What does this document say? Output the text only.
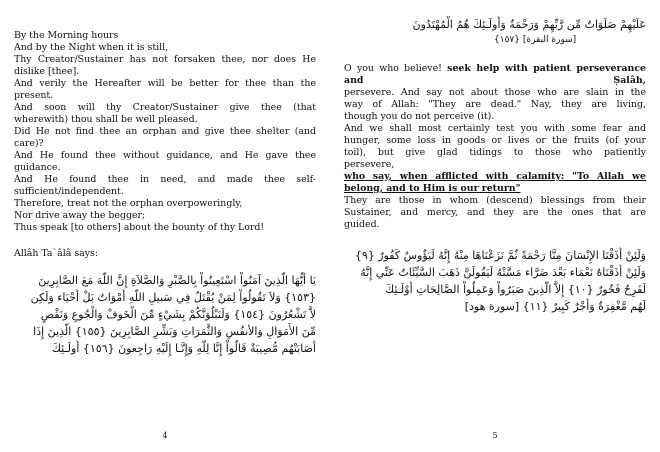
By the Morning hours
And by the Night when it is still,
Thy Creator/Sustainer has not forsaken thee, nor does He
dislike [thee].
And verily the Hereafter will be better for thee than the
present.
And soon will thy Creator/Sustainer give thee (that
wherewith) thou shall be well pleased.
Did He not find thee an orphan and give thee shelter (and
care)?
And He found thee without guidance, and He gave thee
guidance.
And He found thee in need, and made thee self-
sufficient/independent.
Therefore, treat not the orphan overpoweringly,
Nor drive away the begger;
Thus speak [to others] about the bounty of thy Lord!
Allâh Ta`âlâ says:
يَا أَيُّهَا الَّذِينَ آمَنُواْ اسْتَعِينُواْ بِالصَّبْرِ وَالصَّلاَةِ إِنَّ اللّهَ مَعَ الصَّابِرِينَ
{١٥٣} وَلاَ تَقُولُواْ لِمَنْ يُقْتَلُ فِي سَبيلِ اللّهِ أَمْوَاتٌ بَلْ أَحْيَاء وَلَكِن
لاَّ تَشْعُرُونَ {١٥٤} وَلَنَبْلُوَنَّكُمْ بِشَيْءٍ مِّنَ الْخَوفْ وَالْجُوعِ وَنَقْصٍ
مِّنَ الأَمَوَالِ وَالأنفُسِ وَالثَّمَرَاتِ وَبَشِّرِ الصَّابِرِينَ {١٥٥} الَّذِينَ إِذَا
أَصَابَتْهُم مُّصِيبَةٌ قَالُواْ إِنَّا لِلّهِ وَإِنَّـا إِلَيْهِ رَاجِعونَ {١٥٦} أُولَـئِكَ
4
عَلَيْهِمْ صَلَوَاتٌ مِّن رَّبِّهِمْ وَرَحْمَةٌ وَأُولَـئِكَ هُمُ الْمُهْتَدُونَ
{١٥٧} [سورة البقرة]
O you who believe! seek help with patient perseverance and Ṣalâh,
persevere. And say not about those who are slain in the
way of Allah: "They are dead." Nay, they are living,
though you do not perceive (it).
And we shall most certainly test you with some fear and
hunger, some loss in goods or lives or the fruits (of your
toil), but give glad tidings to those who patiently
persevere,
who say, when afflicted with calamity: "To Allah we
belong, and to Him is our return"
They are those in whom (descend) blessings from their
Sustainer, and mercy, and they are the ones that are
guided.
وَلَئِنْ أَذَقْنَا الإِنْسَانَ مِنَّا رَحْمَةً ثُمَّ نَزَعْنَاهَا مِنْهُ إِنَّهُ لَيَؤُوسٌ كَفُورٌ {٩}
وَلَئِنْ أَذَقْنَاهُ نَعْمَاء بَعْدَ ضَرَّاء مَسَّتْهُ لَيَقُولَنَّ ذَهَبَ السَّيِّئَاتُ عَنِّي إِنَّهُ
لَفَرِحٌ فَخُورٌ {١٠} إِلاَّ الَّذِينَ صَبَرُواْ وَعَمِلُواْ الصَّالِحَاتِ أُوْلَـئِكَ
لَهُم مَّغْفِرَةٌ وَأَجْرٌ كَبِيرٌ {١١} [سورة هود]
5
